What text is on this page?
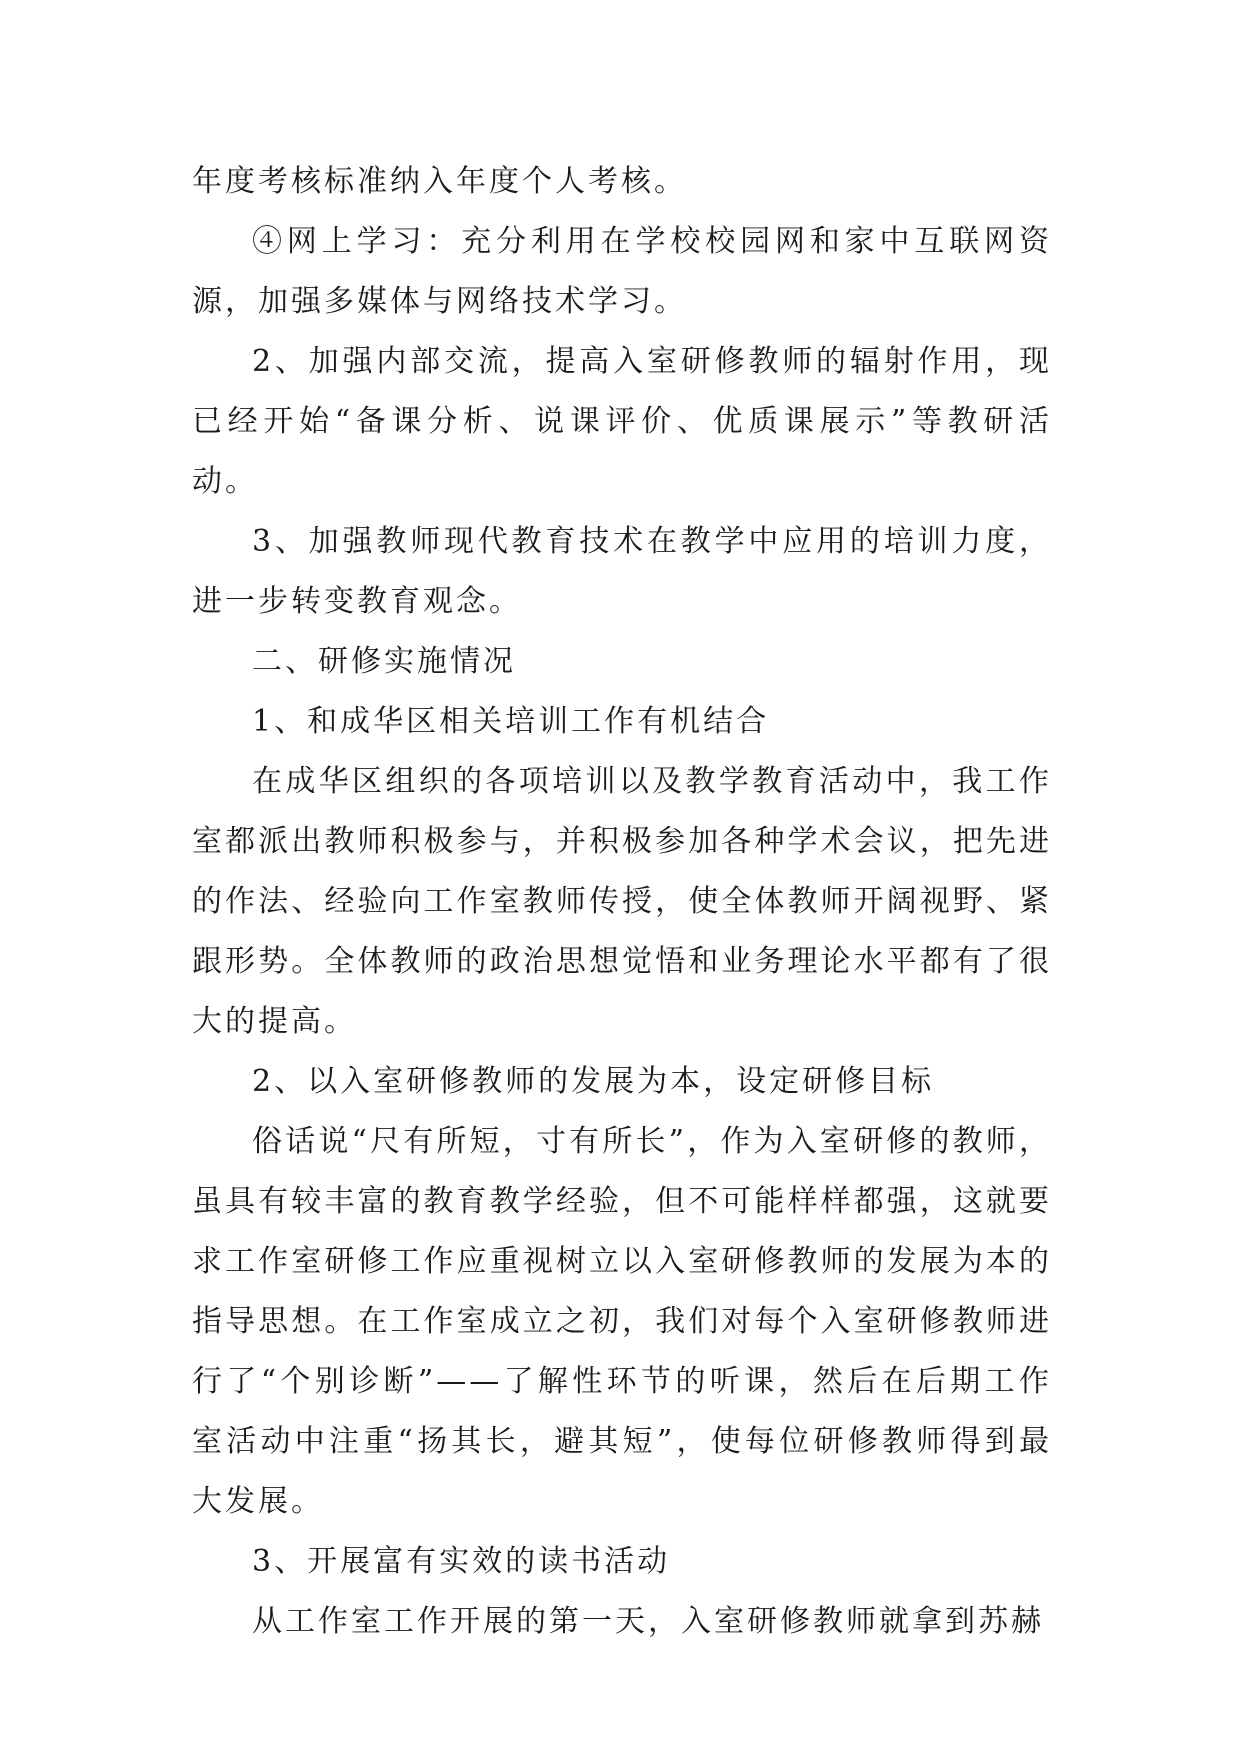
年度考核标准纳入年度个人考核。

④网上学习：充分利用在学校校园网和家中互联网资源，加强多媒体与网络技术学习。

2、加强内部交流，提高入室研修教师的辐射作用，现已经开始“备课分析、说课评价、优质课展示”等教研活动。

3、加强教师现代教育技术在教学中应用的培训力度，进一步转变教育观念。

二、研修实施情况

1、和成华区相关培训工作有机结合

在成华区组织的各项培训以及教学教育活动中，我工作室都派出教师积极参与，并积极参加各种学术会议，把先进的作法、经验向工作室教师传授，使全体教师开阔视野、紧跟形势。全体教师的政治思想觉悟和业务理论水平都有了很大的提高。

2、以入室研修教师的发展为本，设定研修目标

俗话说“尺有所短，寸有所长”，作为入室研修的教师，虽具有较丰富的教育教学经验，但不可能样样都强，这就要求工作室研修工作应重视树立以入室研修教师的发展为本的指导思想。在工作室成立之初，我们对每个入室研修教师进行了“个别诊断”——了解性环节的听课，然后在后期工作室活动中注重“扬其长，避其短”，使每位研修教师得到最大发展。

3、开展富有实效的读书活动

从工作室工作开展的第一天，入室研修教师就拿到苏赫
